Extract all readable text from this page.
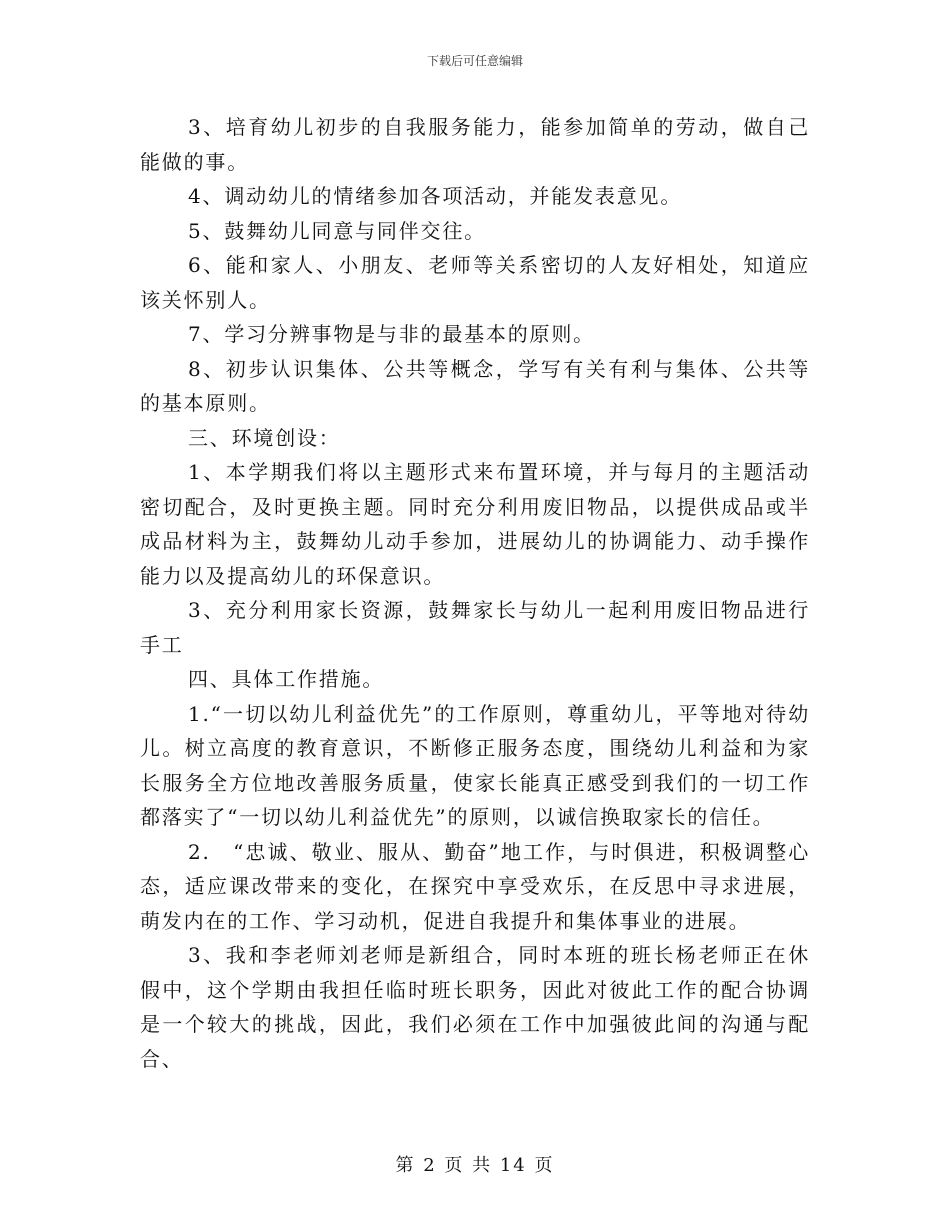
下载后可任意编辑

3、培育幼儿初步的自我服务能力，能参加简单的劳动，做自己能做的事。

4、调动幼儿的情绪参加各项活动，并能发表意见。

5、鼓舞幼儿同意与同伴交往。

6、能和家人、小朋友、老师等关系密切的人友好相处，知道应该关怀别人。

7、学习分辨事物是与非的最基本的原则。

8、初步认识集体、公共等概念，学写有关有利与集体、公共等的基本原则。

三、环境创设：

1、本学期我们将以主题形式来布置环境，并与每月的主题活动密切配合，及时更换主题。同时充分利用废旧物品，以提供成品或半成品材料为主，鼓舞幼儿动手参加，进展幼儿的协调能力、动手操作能力以及提高幼儿的环保意识。

3、充分利用家长资源，鼓舞家长与幼儿一起利用废旧物品进行手工

四、具体工作措施。

1.“一切以幼儿利益优先”的工作原则，尊重幼儿，平等地对待幼儿。树立高度的教育意识，不断修正服务态度，围绕幼儿利益和为家长服务全方位地改善服务质量，使家长能真正感受到我们的一切工作都落实了“一切以幼儿利益优先”的原则，以诚信换取家长的信任。

2.　“忠诚、敬业、服从、勤奋”地工作，与时俱进，积极调整心态，适应课改带来的变化，在探究中享受欢乐，在反思中寻求进展，萌发内在的工作、学习动机，促进自我提升和集体事业的进展。

3、我和李老师刘老师是新组合，同时本班的班长杨老师正在休假中，这个学期由我担任临时班长职务，因此对彼此工作的配合协调是一个较大的挑战，因此，我们必须在工作中加强彼此间的沟通与配合、

第 2 页 共 14 页
